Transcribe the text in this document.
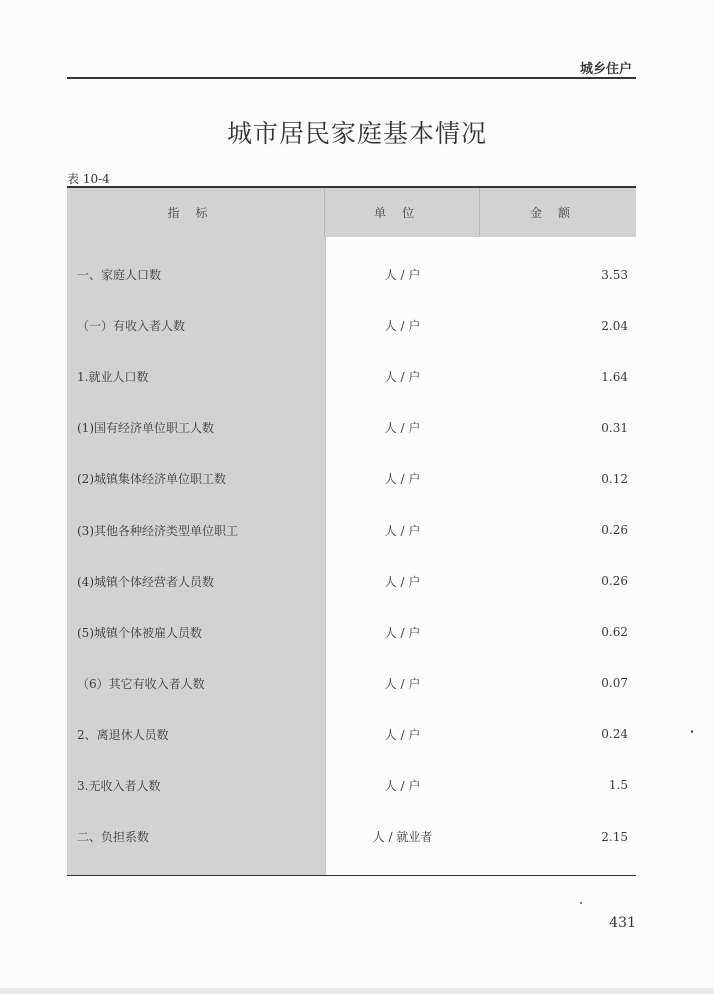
城乡住户
城市居民家庭基本情况
表 10-4
指标	单位	金额
一、家庭人口数	人 / 户	3.53
（一）有收入者人数	人 / 户	2.04
1.就业人口数	人 / 户	1.64
(1)国有经济单位职工人数	人 / 户	0.31
(2)城镇集体经济单位职工数	人 / 户	0.12
(3)其他各种经济类型单位职工	人 / 户	0.26
(4)城镇个体经营者人员数	人 / 户	0.26
(5)城镇个体被雇人员数	人 / 户	0.62
（6）其它有收入者人数	人 / 户	0.07
2、离退休人员数	人 / 户	0.24
3.无收入者人数	人 / 户	1.5
二、负担系数	人 / 就业者	2.15
431
